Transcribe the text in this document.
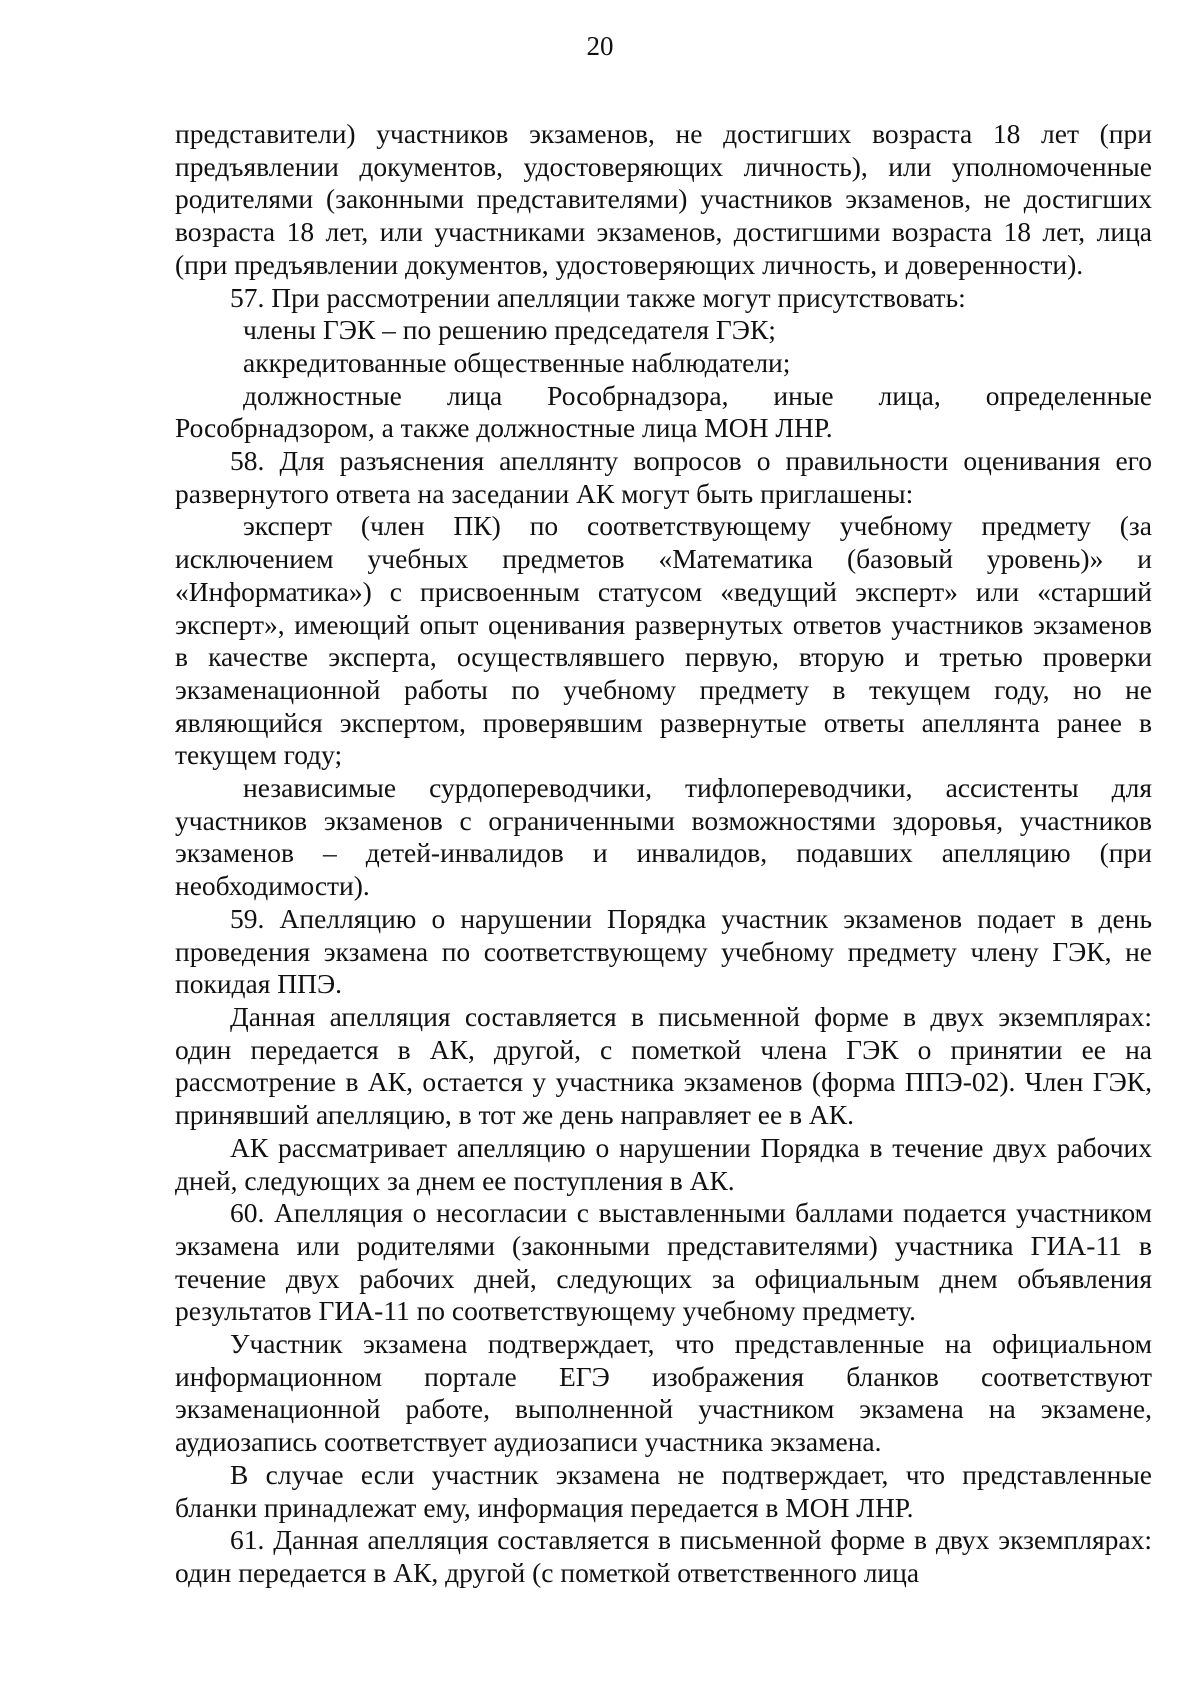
20

представители) участников экзаменов, не достигших возраста 18 лет (при предъявлении документов, удостоверяющих личность), или уполномоченные родителями (законными представителями) участников экзаменов, не достигших возраста 18 лет, или участниками экзаменов, достигшими возраста 18 лет, лица (при предъявлении документов, удостоверяющих личность, и доверенности).

57. При рассмотрении апелляции также могут присутствовать:

члены ГЭК – по решению председателя ГЭК;

аккредитованные общественные наблюдатели;

должностные лица Рособрнадзора, иные лица, определенные Рособрнадзором, а также должностные лица МОН ЛНР.

58. Для разъяснения апеллянту вопросов о правильности оценивания его развернутого ответа на заседании АК могут быть приглашены:

эксперт (член ПК) по соответствующему учебному предмету (за исключением учебных предметов «Математика (базовый уровень)» и «Информатика») с присвоенным статусом «ведущий эксперт» или «старший эксперт», имеющий опыт оценивания развернутых ответов участников экзаменов в качестве эксперта, осуществлявшего первую, вторую и третью проверки экзаменационной работы по учебному предмету в текущем году, но не являющийся экспертом, проверявшим развернутые ответы апеллянта ранее в текущем году;

независимые сурдопереводчики, тифлопереводчики, ассистенты для участников экзаменов с ограниченными возможностями здоровья, участников экзаменов – детей-инвалидов и инвалидов, подавших апелляцию (при необходимости).

59. Апелляцию о нарушении Порядка участник экзаменов подает в день проведения экзамена по соответствующему учебному предмету члену ГЭК, не покидая ППЭ.

Данная апелляция составляется в письменной форме в двух экземплярах: один передается в АК, другой, с пометкой члена ГЭК о принятии ее на рассмотрение в АК, остается у участника экзаменов (форма ППЭ-02). Член ГЭК, принявший апелляцию, в тот же день направляет ее в АК.

АК рассматривает апелляцию о нарушении Порядка в течение двух рабочих дней, следующих за днем ее поступления в АК.

60. Апелляция о несогласии с выставленными баллами подается участником экзамена или родителями (законными представителями) участника ГИА-11 в течение двух рабочих дней, следующих за официальным днем объявления результатов ГИА-11 по соответствующему учебному предмету.

Участник экзамена подтверждает, что представленные на официальном информационном портале ЕГЭ изображения бланков соответствуют экзаменационной работе, выполненной участником экзамена на экзамене, аудиозапись соответствует аудиозаписи участника экзамена.

В случае если участник экзамена не подтверждает, что представленные бланки принадлежат ему, информация передается в МОН ЛНР.

61. Данная апелляция составляется в письменной форме в двух экземплярах: один передается в АК, другой (с пометкой ответственного лица
